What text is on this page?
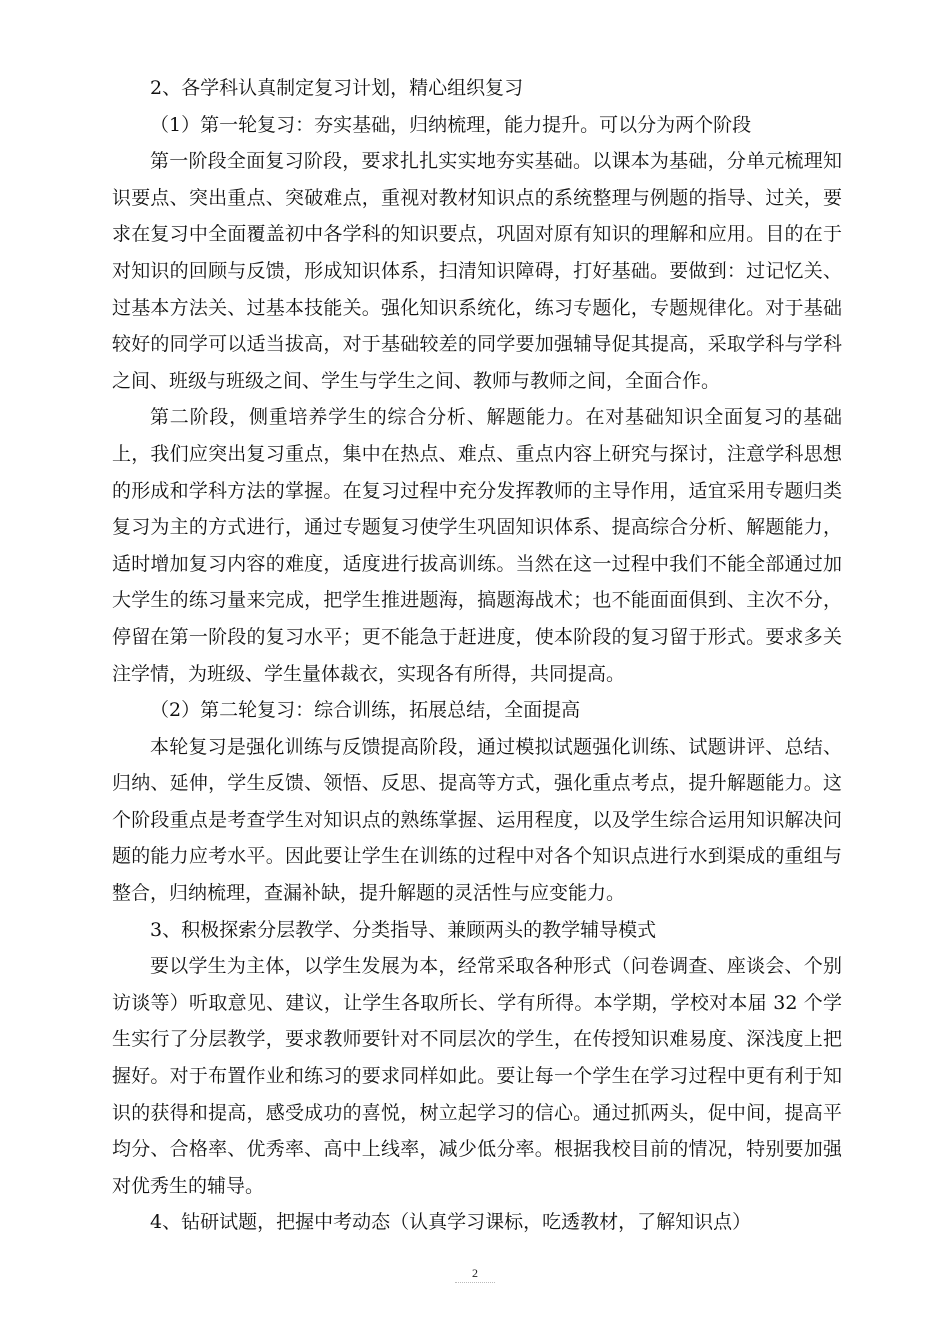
2、各学科认真制定复习计划，精心组织复习

（1）第一轮复习：夯实基础，归纳梳理，能力提升。可以分为两个阶段

第一阶段全面复习阶段，要求扎扎实实地夯实基础。以课本为基础，分单元梳理知识要点、突出重点、突破难点，重视对教材知识点的系统整理与例题的指导、过关，要求在复习中全面覆盖初中各学科的知识要点，巩固对原有知识的理解和应用。目的在于对知识的回顾与反馈，形成知识体系，扫清知识障碍，打好基础。要做到：过记忆关、过基本方法关、过基本技能关。强化知识系统化，练习专题化，专题规律化。对于基础较好的同学可以适当拔高，对于基础较差的同学要加强辅导促其提高，采取学科与学科之间、班级与班级之间、学生与学生之间、教师与教师之间，全面合作。

第二阶段，侧重培养学生的综合分析、解题能力。在对基础知识全面复习的基础上，我们应突出复习重点，集中在热点、难点、重点内容上研究与探讨，注意学科思想的形成和学科方法的掌握。在复习过程中充分发挥教师的主导作用，适宜采用专题归类复习为主的方式进行，通过专题复习使学生巩固知识体系、提高综合分析、解题能力，适时增加复习内容的难度，适度进行拔高训练。当然在这一过程中我们不能全部通过加大学生的练习量来完成，把学生推进题海，搞题海战术；也不能面面俱到、主次不分，停留在第一阶段的复习水平；更不能急于赶进度，使本阶段的复习留于形式。要求多关注学情，为班级、学生量体裁衣，实现各有所得，共同提高。

（2）第二轮复习：综合训练，拓展总结，全面提高

本轮复习是强化训练与反馈提高阶段，通过模拟试题强化训练、试题讲评、总结、归纳、延伸，学生反馈、领悟、反思、提高等方式，强化重点考点，提升解题能力。这个阶段重点是考查学生对知识点的熟练掌握、运用程度，以及学生综合运用知识解决问题的能力应考水平。因此要让学生在训练的过程中对各个知识点进行水到渠成的重组与整合，归纳梳理，查漏补缺，提升解题的灵活性与应变能力。

3、积极探索分层教学、分类指导、兼顾两头的教学辅导模式

要以学生为主体，以学生发展为本，经常采取各种形式（问卷调查、座谈会、个别访谈等）听取意见、建议，让学生各取所长、学有所得。本学期，学校对本届 32 个学生实行了分层教学，要求教师要针对不同层次的学生，在传授知识难易度、深浅度上把握好。对于布置作业和练习的要求同样如此。要让每一个学生在学习过程中更有利于知识的获得和提高，感受成功的喜悦，树立起学习的信心。通过抓两头，促中间，提高平均分、合格率、优秀率、高中上线率，减少低分率。根据我校目前的情况，特别要加强对优秀生的辅导。

4、钻研试题，把握中考动态（认真学习课标，吃透教材，了解知识点）

2
